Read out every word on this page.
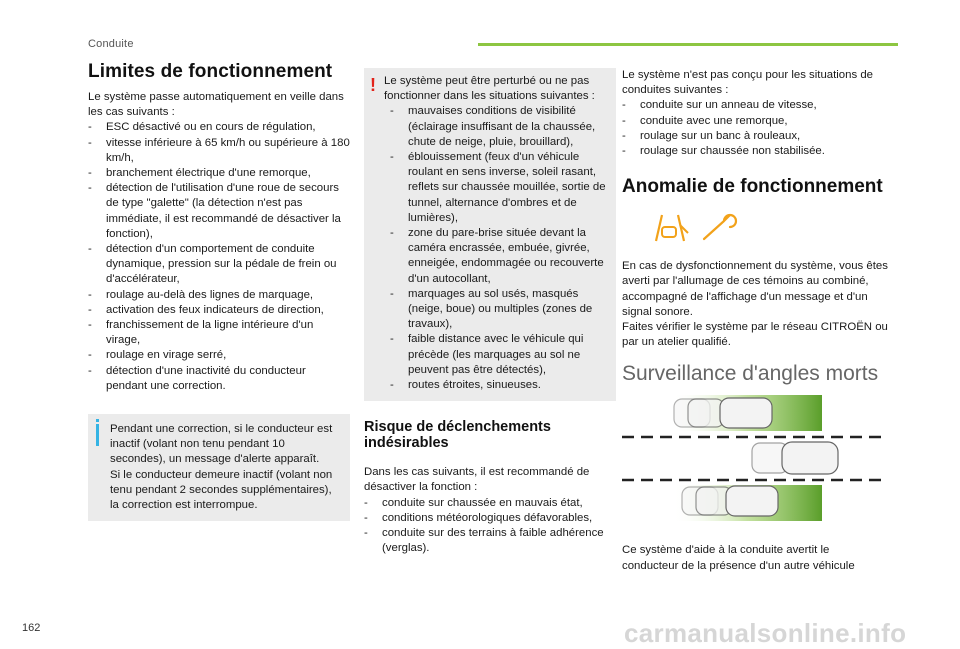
Conduite
Limites de fonctionnement

Le système passe automatiquement en veille dans les cas suivants :

- ESC désactivé ou en cours de régulation,
- vitesse inférieure à 65 km/h ou supérieure à 180 km/h,
- branchement électrique d'une remorque,
- détection de l'utilisation d'une roue de secours de type "galette" (la détection n'est pas immédiate, il est recommandé de désactiver la fonction),
- détection d'un comportement de conduite dynamique, pression sur la pédale de frein ou d'accélérateur,
- roulage au-delà des lignes de marquage,
- activation des feux indicateurs de direction,
- franchissement de la ligne intérieure d'un virage,
- roulage en virage serré,
- détection d'une inactivité du conducteur pendant une correction.

Pendant une correction, si le conducteur est inactif (volant non tenu pendant 10 secondes), un message d'alerte apparaît.

Si le conducteur demeure inactif (volant non tenu pendant 2 secondes supplémentaires), la correction est interrompue.

! Le système peut être perturbé ou ne pas fonctionner dans les situations suivantes :

- mauvaises conditions de visibilité (éclairage insuffisant de la chaussée, chute de neige, pluie, brouillard),
- éblouissement (feux d'un véhicule roulant en sens inverse, soleil rasant, reflets sur chaussée mouillée, sortie de tunnel, alternance d'ombres et de lumières),
- zone du pare-brise située devant la caméra encrassée, embuée, givrée, enneigée, endommagée ou recouverte d'un autocollant,
- marquages au sol usés, masqués (neige, boue) ou multiples (zones de travaux),
- faible distance avec le véhicule qui précède (les marquages au sol ne peuvent pas être détectés),
- routes étroites, sinueuses.
Risque de déclenchements indésirables

Dans les cas suivants, il est recommandé de désactiver la fonction :

- conduite sur chaussée en mauvais état,
- conditions météorologiques défavorables,
- conduite sur des terrains à faible adhérence (verglas).

Le système n'est pas conçu pour les situations de conduites suivantes :

- conduite sur un anneau de vitesse,
- conduite avec une remorque,
- roulage sur un banc à rouleaux,
- roulage sur chaussée non stabilisée.
Anomalie de fonctionnement

En cas de dysfonctionnement du système, vous êtes averti par l'allumage de ces témoins au combiné, accompagné de l'affichage d'un message et d'un signal sonore.

Faites vérifier le système par le réseau CITROËN ou par un atelier qualifié.

Surveillance d'angles morts

Ce système d'aide à la conduite avertit le conducteur de la présence d'un autre véhicule

162	carmanualsonline.info
